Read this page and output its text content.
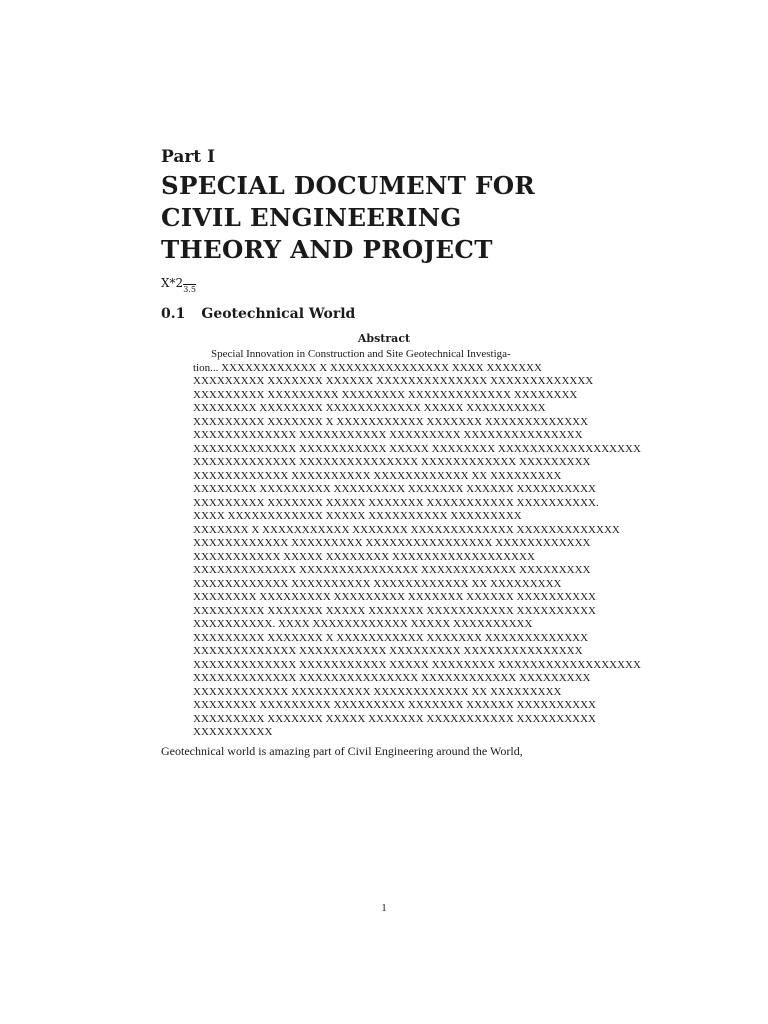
Part I
SPECIAL DOCUMENT FOR
CIVIL ENGINEERING
THEORY AND PROJECT
$X*2_{3.5}$
0.1 Geotechnical World
Abstract
Special Innovation in Construction and Site Geotechnical Investiga-
tion... XXXXXXXXXXXX X XXXXXXXXXXXXXXX XXXX XXXXXXX
XXXXXXXXX XXXXXXX XXXXXX XXXXXXXXXXXXXX XXXXXXXXXXXXX
XXXXXXXXX XXXXXXXXX XXXXXXXX XXXXXXXXXXXXX XXXXXXXX
XXXXXXXX XXXXXXXX XXXXXXXXXXXX XXXXX XXXXXXXXXX
XXXXXXXXX XXXXXXX X XXXXXXXXXXX XXXXXXX XXXXXXXXXXXXX
XXXXXXXXXXXXX XXXXXXXXXXX XXXXXXXXX XXXXXXXXXXXXXXX
XXXXXXXXXXXXX XXXXXXXXXXX XXXXX XXXXXXXX XXXXXXXXXXXXXXXXXX
XXXXXXXXXXXXX XXXXXXXXXXXXXXX XXXXXXXXXXXX XXXXXXXXX
XXXXXXXXXXXX XXXXXXXXXX XXXXXXXXXXXX XX XXXXXXXXX
XXXXXXXX XXXXXXXXX XXXXXXXXX XXXXXXX XXXXXX XXXXXXXXXX
XXXXXXXXX XXXXXXX XXXXX XXXXXXX XXXXXXXXXXX XXXXXXXXXX.
XXXX XXXXXXXXXXXX XXXXX XXXXXXXXXX XXXXXXXXX
XXXXXXX X XXXXXXXXXXX XXXXXXX XXXXXXXXXXXXX XXXXXXXXXXXXX
XXXXXXXXXXXX XXXXXXXXX XXXXXXXXXXXXXXXX XXXXXXXXXXXX
XXXXXXXXXXX XXXXX XXXXXXXX XXXXXXXXXXXXXXXXXX
XXXXXXXXXXXXX XXXXXXXXXXXXXXX XXXXXXXXXXXX XXXXXXXXX
XXXXXXXXXXXX XXXXXXXXXX XXXXXXXXXXXX XX XXXXXXXXX
XXXXXXXX XXXXXXXXX XXXXXXXXX XXXXXXX XXXXXX XXXXXXXXXX
XXXXXXXXX XXXXXXX XXXXX XXXXXXX XXXXXXXXXXX XXXXXXXXXX
XXXXXXXXXX. XXXX XXXXXXXXXXXX XXXXX XXXXXXXXXX
XXXXXXXXX XXXXXXX X XXXXXXXXXXX XXXXXXX XXXXXXXXXXXXX
XXXXXXXXXXXXX XXXXXXXXXXX XXXXXXXXX XXXXXXXXXXXXXXX
XXXXXXXXXXXXX XXXXXXXXXXX XXXXX XXXXXXXX XXXXXXXXXXXXXXXXXX
XXXXXXXXXXXXX XXXXXXXXXXXXXXX XXXXXXXXXXXX XXXXXXXXX
XXXXXXXXXXXX XXXXXXXXXX XXXXXXXXXXXX XX XXXXXXXXX
XXXXXXXX XXXXXXXXX XXXXXXXXX XXXXXXX XXXXXX XXXXXXXXXX
XXXXXXXXX XXXXXXX XXXXX XXXXXXX XXXXXXXXXXX XXXXXXXXXX
XXXXXXXXXX
Geotechnical world is amazing part of Civil Engineering around the World,
1
